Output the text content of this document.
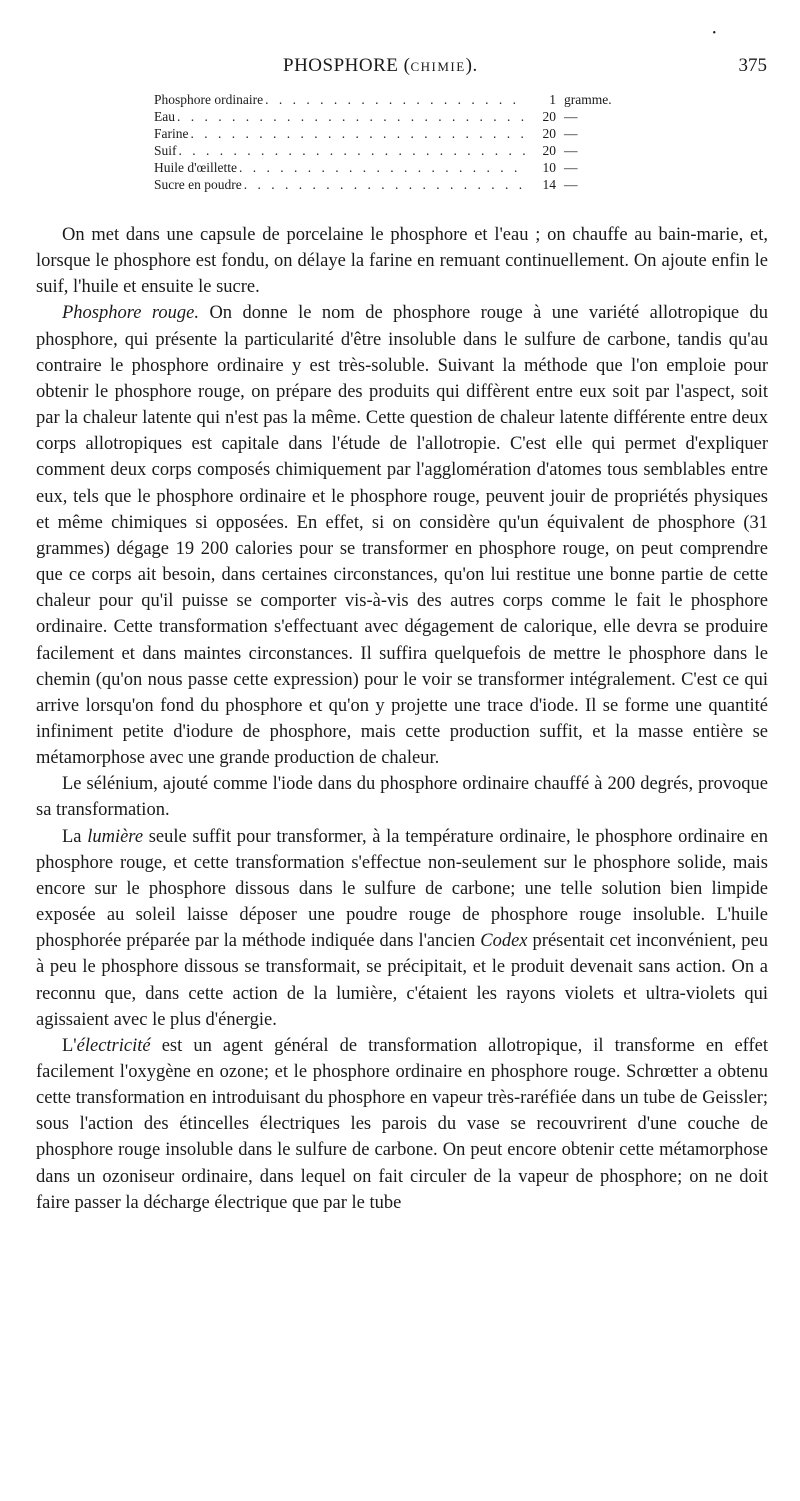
PHOSPHORE (CHIMIE).	375
•
Phosphore ordinaire . . .	1 gramme.
Eau . . .	20 —
Farine . . .	20 —
Suif . . .	20 —
Huile d'œillette . . .	10 —
Sucre en poudre . . .	14 —

On met dans une capsule de porcelaine le phosphore et l'eau ; on chauffe au bain-marie, et, lorsque le phosphore est fondu, on délaye la farine en remuant continuellement. On ajoute enfin le suif, l'huile et ensuite le sucre.

Phosphore rouge. On donne le nom de phosphore rouge à une variété allotropique du phosphore, qui présente la particularité d'être insoluble dans le sulfure de carbone, tandis qu'au contraire le phosphore ordinaire y est très-soluble. Suivant la méthode que l'on emploie pour obtenir le phosphore rouge, on prépare des produits qui diffèrent entre eux soit par l'aspect, soit par la chaleur latente qui n'est pas la même. Cette question de chaleur latente différente entre deux corps allotropiques est capitale dans l'étude de l'allotropie. C'est elle qui permet d'expliquer comment deux corps composés chimiquement par l'agglomération d'atomes tous semblables entre eux, tels que le phosphore ordinaire et le phosphore rouge, peuvent jouir de propriétés physiques et même chimiques si opposées. En effet, si on considère qu'un équivalent de phosphore (31 grammes) dégage 19 200 calories pour se transformer en phosphore rouge, on peut comprendre que ce corps ait besoin, dans certaines circonstances, qu'on lui restitue une bonne partie de cette chaleur pour qu'il puisse se comporter vis-à-vis des autres corps comme le fait le phosphore ordinaire. Cette transformation s'effectuant avec dégagement de calorique, elle devra se produire facilement et dans maintes circonstances. Il suffira quelquefois de mettre le phosphore dans le chemin (qu'on nous passe cette expression) pour le voir se transformer intégralement. C'est ce qui arrive lorsqu'on fond du phosphore et qu'on y projette une trace d'iode. Il se forme une quantité infiniment petite d'iodure de phosphore, mais cette production suffit, et la masse entière se métamorphose avec une grande production de chaleur.

Le sélénium, ajouté comme l'iode dans du phosphore ordinaire chauffé à 200 degrés, provoque sa transformation.

La lumière seule suffit pour transformer, à la température ordinaire, le phosphore ordinaire en phosphore rouge, et cette transformation s'effectue non-seulement sur le phosphore solide, mais encore sur le phosphore dissous dans le sulfure de carbone; une telle solution bien limpide exposée au soleil laisse déposer une poudre rouge de phosphore rouge insoluble. L'huile phosphorée préparée par la méthode indiquée dans l'ancien Codex présentait cet inconvénient, peu à peu le phosphore dissous se transformait, se précipitait, et le produit devenait sans action. On a reconnu que, dans cette action de la lumière, c'étaient les rayons violets et ultra-violets qui agissaient avec le plus d'énergie.

L'électricité est un agent général de transformation allotropique, il transforme en effet facilement l'oxygène en ozone; et le phosphore ordinaire en phosphore rouge. Schrœtter a obtenu cette transformation en introduisant du phosphore en vapeur très-raréfiée dans un tube de Geissler; sous l'action des étincelles électriques les parois du vase se recouvrirent d'une couche de phosphore rouge insoluble dans le sulfure de carbone. On peut encore obtenir cette métamorphose dans un ozoniseur ordinaire, dans lequel on fait circuler de la vapeur de phosphore; on ne doit faire passer la décharge électrique que par le tube
